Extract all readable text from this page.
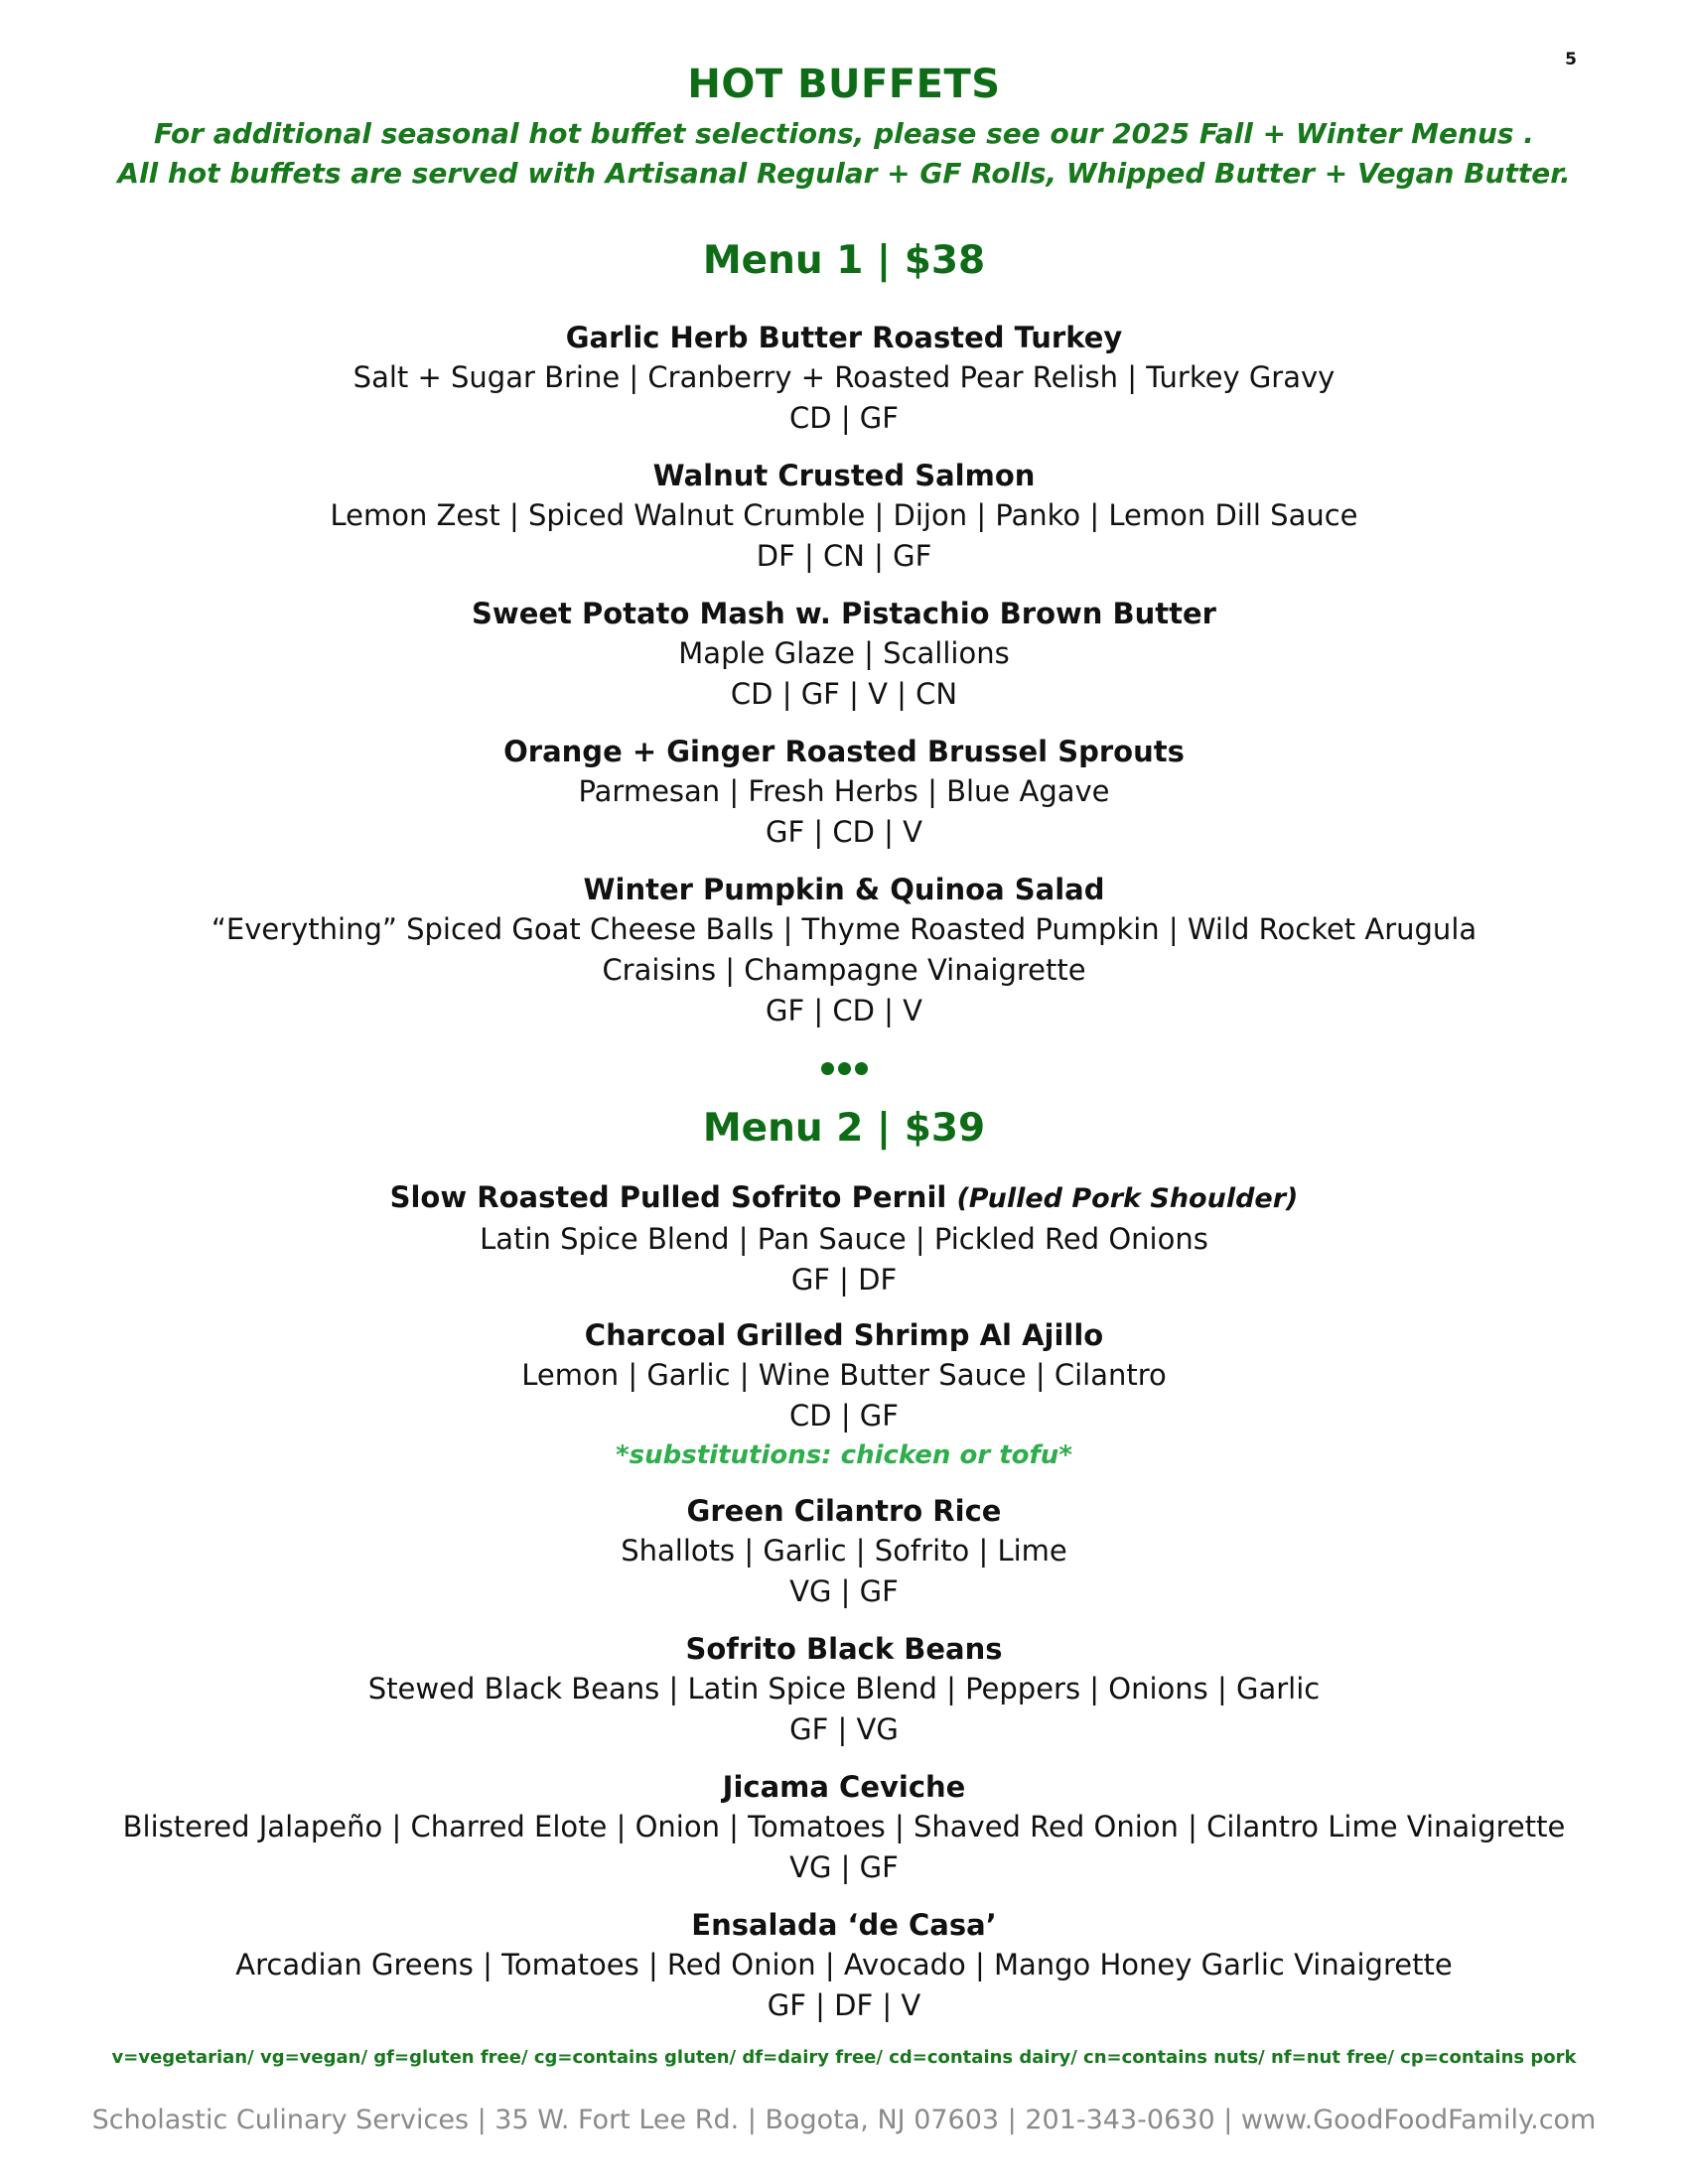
5
HOT BUFFETS
For additional seasonal hot buffet selections, please see our 2025 Fall + Winter Menus .
All hot buffets are served with Artisanal Regular + GF Rolls, Whipped Butter + Vegan Butter.
Menu 1 | $38
Garlic Herb Butter Roasted Turkey
Salt + Sugar Brine | Cranberry + Roasted Pear Relish | Turkey Gravy
CD | GF
Walnut Crusted Salmon
Lemon Zest | Spiced Walnut Crumble | Dijon | Panko | Lemon Dill Sauce
DF | CN | GF
Sweet Potato Mash w. Pistachio Brown Butter
Maple Glaze | Scallions
CD | GF | V | CN
Orange + Ginger Roasted Brussel Sprouts
Parmesan | Fresh Herbs | Blue Agave
GF | CD | V
Winter Pumpkin & Quinoa Salad
“Everything” Spiced Goat Cheese Balls | Thyme Roasted Pumpkin | Wild Rocket Arugula
Craisins | Champagne Vinaigrette
GF | CD | V
Menu 2 | $39
Slow Roasted Pulled Sofrito Pernil (Pulled Pork Shoulder)
Latin Spice Blend | Pan Sauce | Pickled Red Onions
GF | DF
Charcoal Grilled Shrimp Al Ajillo
Lemon | Garlic | Wine Butter Sauce | Cilantro
CD | GF
*substitutions: chicken or tofu*
Green Cilantro Rice
Shallots | Garlic | Sofrito | Lime
VG | GF
Sofrito Black Beans
Stewed Black Beans | Latin Spice Blend | Peppers | Onions | Garlic
GF | VG
Jicama Ceviche
Blistered Jalapeño | Charred Elote | Onion | Tomatoes | Shaved Red Onion | Cilantro Lime Vinaigrette
VG | GF
Ensalada ‘de Casa’
Arcadian Greens | Tomatoes | Red Onion | Avocado | Mango Honey Garlic Vinaigrette
GF | DF | V
v=vegetarian/ vg=vegan/ gf=gluten free/ cg=contains gluten/ df=dairy free/ cd=contains dairy/ cn=contains nuts/ nf=nut free/ cp=contains pork
Scholastic Culinary Services | 35 W. Fort Lee Rd. | Bogota, NJ 07603 | 201-343-0630 | www.GoodFoodFamily.com
